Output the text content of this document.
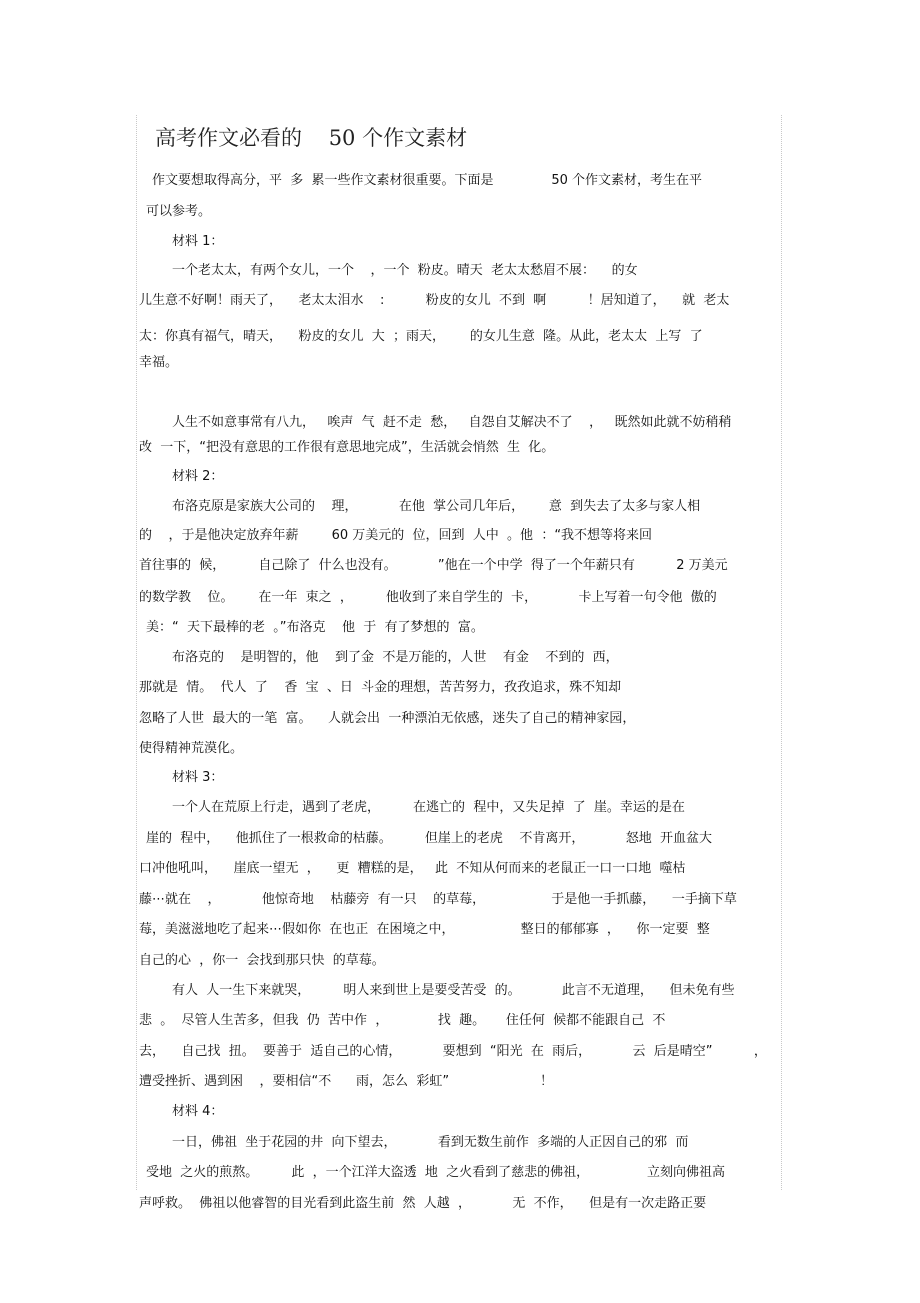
高考作文必看的    50 个作文素材
作文要想取得高分，平  多  累一些作文素材很重要。下面是              50 个作文素材，考生在平
可以参考。
材料 1：
一个老太太，有两个女儿，一个    ，一个  粉皮。晴天  老太太愁眉不展：    的女
儿生意不好啊！雨天了，    老太太泪水    :          粉皮的女儿  不到  啊          ！居知道了，    就  老太
太：你真有福气，晴天，    粉皮的女儿  大  ；雨天，      的女儿生意  隆。从此，老太太  上写  了
幸福。
人生不如意事常有八九，   唉声  气  赶不走  愁，   自怨自艾解决不了    ，   既然如此就不妨稍稍
改  一下，“把没有意思的工作很有意思地完成”，生活就会悄然  生  化。
材料 2：
布洛克原是家族大公司的    理，          在他  掌公司几年后，      意  到失去了太多与家人相
的    ，于是他决定放弃年薪        60 万美元的  位，回到  人中  。他  ：“我不想等将来回
首往事的  候，        自己除了  什么也没有。          ”他在一个中学  得了一个年薪只有          2 万美元
的数学教    位。      在一年  束之  ，        他收到了来自学生的  卡，          卡上写着一句令他  傲的
美：“  天下最棒的老  。”布洛克    他  于  有了梦想的  富。
布洛克的    是明智的，他    到了金  不是万能的，人世    有金    不到的  西，
那就是  情。  代人  了    香  宝  、日  斗金的理想，苦苦努力，孜孜追求，殊不知却
忽略了人世  最大的一笔  富。    人就会出  一种漂泊无依感，迷失了自己的精神家园，
使得精神荒漠化。
材料 3：
一个人在荒原上行走，遇到了老虎，        在逃亡的  程中，又失足掉  了  崖。幸运的是在
崖的  程中，    他抓住了一根救命的枯藤。        但崖上的老虎    不肯离开，          怒地  开血盆大
口冲他吼叫，    崖底一望无  ，    更  糟糕的是，   此  不知从何而来的老鼠正一口一口地  噬枯
藤⋯就在    ，          他惊奇地    枯藤旁  有一只    的草莓，                于是他一手抓藤，    一手摘下草
莓，美滋滋地吃了起来⋯假如你  在也正  在困境之中，                整日的郁郁寡  ，    你一定要  整
自己的心  ，你一  会找到那只快  的草莓。
有人  人一生下来就哭，        明人来到世上是要受苦受  的。          此言不无道理，    但未免有些
悲  。  尽管人生苦多，但我  仍  苦中作  ，            找  趣。     住任何  候都不能跟自己  不
去，    自己找  扭。  要善于  适自己的心情，          要想到  “阳光  在  雨后，          云  后是晴空”          ，
遭受挫折、遇到困    ，要相信“不      雨，怎么  彩虹”                      ！
材料 4：
一日，佛祖  坐于花园的井  向下望去，          看到无数生前作  多端的人正因自己的邪  而
受地  之火的煎熬。        此  ，一个江洋大盗透  地  之火看到了慈悲的佛祖，              立刻向佛祖高
声呼救。  佛祖以他睿智的目光看到此盗生前  然  人越  ，          无  不作，    但是有一次走路正要
